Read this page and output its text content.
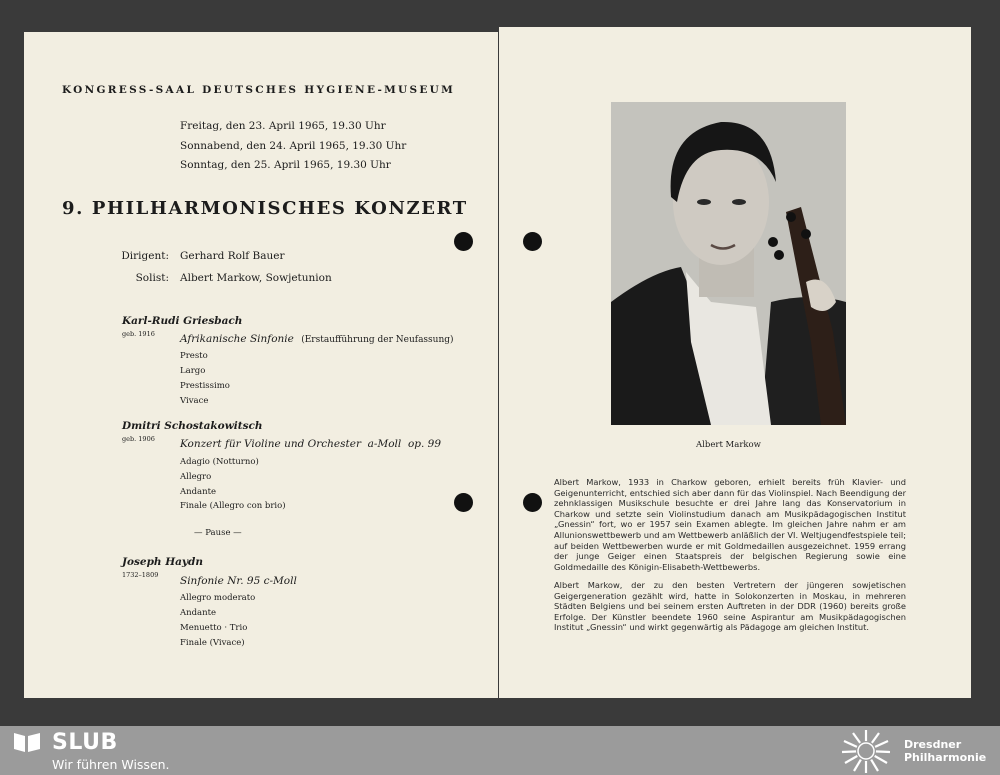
KONGRESS-SAAL DEUTSCHES HYGIENE-MUSEUM
Freitag, den 23. April 1965, 19.30 Uhr
Sonnabend, den 24. April 1965, 19.30 Uhr
Sonntag, den 25. April 1965, 19.30 Uhr
9. PHILHARMONISCHES KONZERT
Dirigent: Gerhard Rolf Bauer
Solist: Albert Markow, Sowjetunion
Karl-Rudi Griesbach
geb. 1916 Afrikanische Sinfonie (Erstaufführung der Neufassung)
Presto
Largo
Prestissimo
Vivace
Dmitri Schostakowitsch
geb. 1906 Konzert für Violine und Orchester  a-Moll  op. 99
Adagio (Notturno)
Allegro
Andante
Finale (Allegro con brio)
— Pause —
Joseph Haydn
1732–1809 Sinfonie Nr. 95 c-Moll
Allegro moderato
Andante
Menuetto · Trio
Finale (Vivace)
Albert Markow

Albert Markow, 1933 in Charkow geboren, erhielt bereits früh Klavier- und Geigenunterricht, entschied sich aber dann für das Violinspiel. Nach Beendigung der zehnklassigen Musikschule besuchte er drei Jahre lang das Konservatorium in Charkow und setzte sein Violinstudium danach am Musikpädagogischen Institut „Gnessin“ fort, wo er 1957 sein Examen ablegte. Im gleichen Jahre nahm er am Allunionswettbewerb und am Wettbewerb anläßlich der VI. Weltjugendfestspiele teil; auf beiden Wettbewerben wurde er mit Goldmedaillen ausgezeichnet. 1959 errang der junge Geiger einen Staatspreis der belgischen Regierung sowie eine Goldmedaille des Königin-Elisabeth-Wettbewerbs.

Albert Markow, der zu den besten Vertretern der jüngeren sowjetischen Geigergeneration gezählt wird, hatte in Solokonzerten in Moskau, in mehreren Städten Belgiens und bei seinem ersten Auftreten in der DDR (1960) bereits große Erfolge. Der Künstler beendete 1960 seine Aspirantur am Musikpädagogischen Institut „Gnessin“ und wirkt gegenwärtig als Pädagoge am gleichen Institut.

SLUB
Wir führen Wissen.
Dresdner
Philharmonie
